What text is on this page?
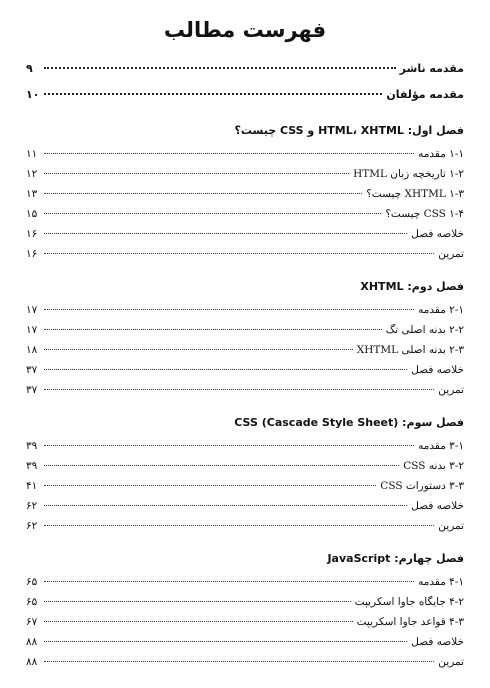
فهرست مطالب
مقدمه ناشر
۹
مقدمه مؤلفان
۱۰
فصل اول: HTML، XHTML و CSS چیست؟
۱-۱ مقدمه
۱۱
۱-۲ تاریخچه زبان HTML
۱۲
۱-۳ XHTML چیست؟
۱۳
۱-۴ CSS چیست؟
۱۵
خلاصه فصل
۱۶
تمرین
۱۶
فصل دوم: XHTML
۲-۱ مقدمه
۱۷
۲-۲ بدنه اصلی تگ
۱۷
۲-۳ بدنه اصلی XHTML
۱۸
خلاصه فصل
۳۷
تمرین
۳۷
فصل سوم: (CSS (Cascade Style Sheet
۳-۱ مقدمه
۳۹
۳-۲ بدنه CSS
۳۹
۳-۳ دستورات CSS
۴۱
خلاصه فصل
۶۲
تمرین
۶۲
فصل چهارم: JavaScript
۴-۱ مقدمه
۶۵
۴-۲ جایگاه جاوا اسکریپت
۶۵
۴-۳ قواعد جاوا اسکریپت
۶۷
خلاصه فصل
۸۸
تمرین
۸۸
